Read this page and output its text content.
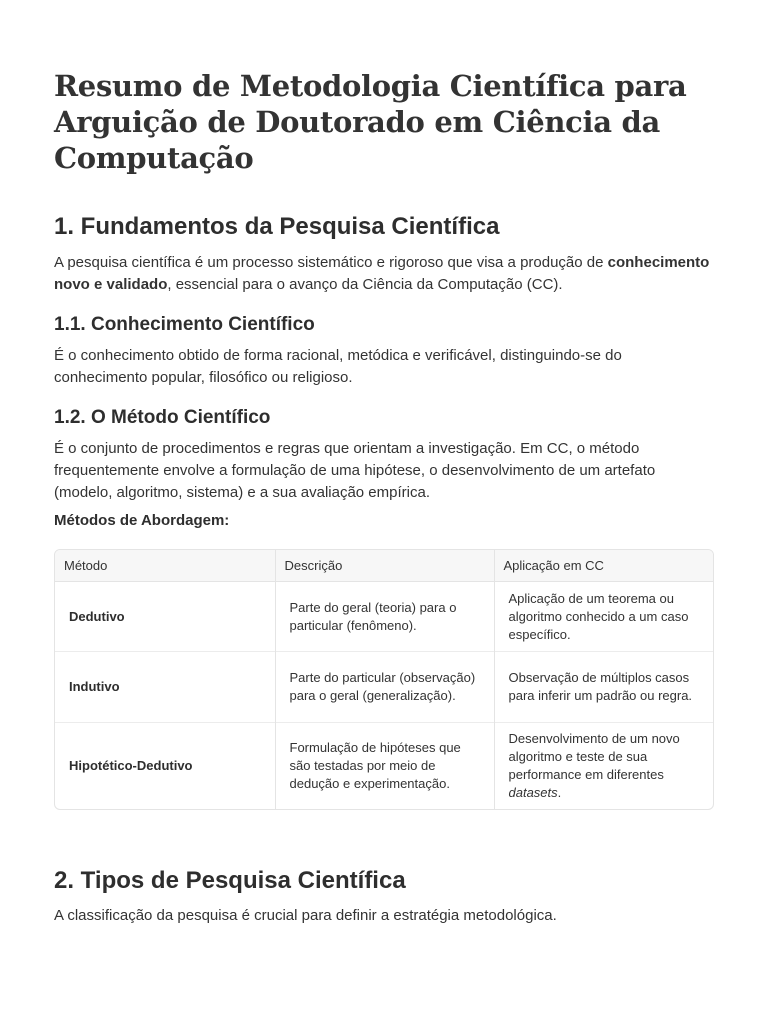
Resumo de Metodologia Científica para
Arguição de Doutorado em Ciência da
Computação
1. Fundamentos da Pesquisa Científica

A pesquisa científica é um processo sistemático e rigoroso que visa a produção de conhecimento novo e validado, essencial para o avanço da Ciência da Computação (CC).

1.1. Conhecimento Científico

É o conhecimento obtido de forma racional, metódica e verificável, distinguindo-se do conhecimento popular, filosófico ou religioso.

1.2. O Método Científico

É o conjunto de procedimentos e regras que orientam a investigação. Em CC, o método frequentemente envolve a formulação de uma hipótese, o desenvolvimento de um artefato (modelo, algoritmo, sistema) e a sua avaliação empírica.

Métodos de Abordagem:

Método	Descrição	Aplicação em CC
Dedutivo	Parte do geral (teoria) para o particular (fenômeno).	Aplicação de um teorema ou algoritmo conhecido a um caso específico.
Indutivo	Parte do particular (observação) para o geral (generalização).	Observação de múltiplos casos para inferir um padrão ou regra.
Hipotético-Dedutivo	Formulação de hipóteses que são testadas por meio de dedução e experimentação.	Desenvolvimento de um novo algoritmo e teste de sua performance em diferentes datasets.
2. Tipos de Pesquisa Científica

A classificação da pesquisa é crucial para definir a estratégia metodológica.
